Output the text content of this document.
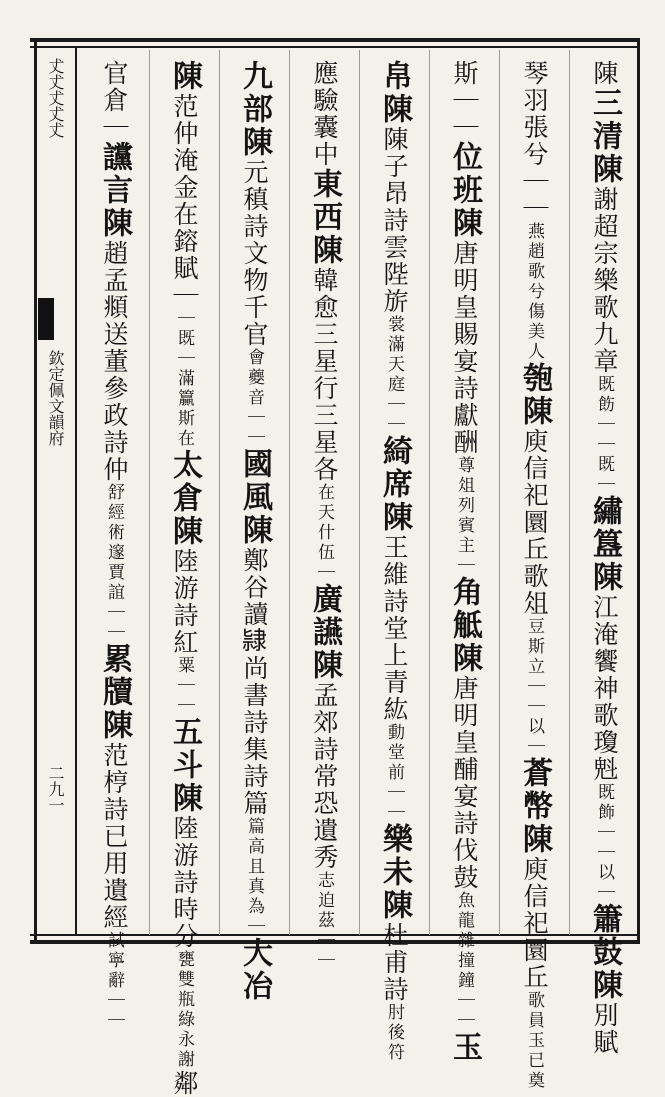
𠀋𠀋𠀋𠀋𠀋
欽定佩文韻府
二九一
陳三清陳謝超宗樂歌九章既飭｜｜既｜繡簋陳江淹饗神歌瓊𣁽既飾｜｜以｜簫鼓陳別賦
琴羽張兮｜｜燕趙歌兮傷美人匏陳庾信祀圜丘歌俎豆斯立｜｜以｜蒼幣陳庾信祀圜丘歌員玉已奠
斯｜｜位班陳唐明皇賜宴詩獻酬尊俎列賓主｜角觝陳唐明皇酺宴詩伐鼓魚龍雜撞鐘｜｜玉
帛陳陳子昂詩雲陛旂裳滿天庭｜｜綺席陳王維詩堂上青紘動堂前｜｜樂未陳杜甫詩肘後符
應驗囊中東西陳韓愈三星行三星各在天什伍｜廣讌陳孟郊詩常恐遺秀志迫茲｜｜
九部陳元稹詩文物千官會夔音｜｜國風陳鄭谷讀𨽻尚書詩集詩篇篇高且真為｜大冶
陳范仲淹金在鎔賦｜｜既｜滿籯斯在太倉陳陸游詩紅粟｜｜五斗陳陸游詩時分甕雙瓶綠永謝鄰
官倉｜讜言陳趙孟頫送董參政詩仲舒經術邃賈誼｜｜累牘陳范梈詩已用遺經試寧辭｜｜
